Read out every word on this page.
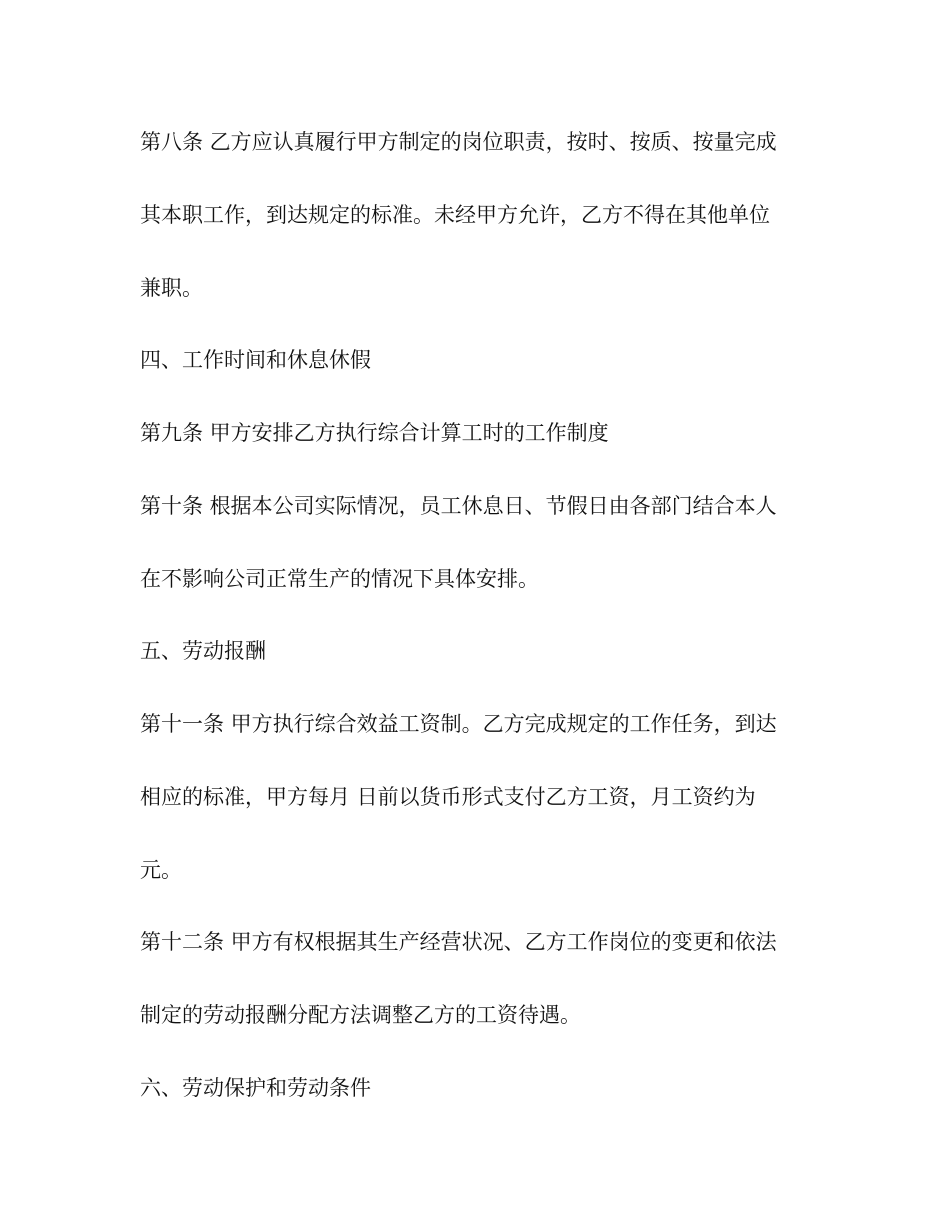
第八条 乙方应认真履行甲方制定的岗位职责，按时、按质、按量完成
其本职工作，到达规定的标准。未经甲方允许，乙方不得在其他单位
兼职。
四、工作时间和休息休假
第九条 甲方安排乙方执行综合计算工时的工作制度
第十条 根据本公司实际情况，员工休息日、节假日由各部门结合本人
在不影响公司正常生产的情况下具体安排。
五、劳动报酬
第十一条 甲方执行综合效益工资制。乙方完成规定的工作任务，到达
相应的标准，甲方每月 日前以货币形式支付乙方工资，月工资约为
元。
第十二条 甲方有权根据其生产经营状况、乙方工作岗位的变更和依法
制定的劳动报酬分配方法调整乙方的工资待遇。
六、劳动保护和劳动条件
